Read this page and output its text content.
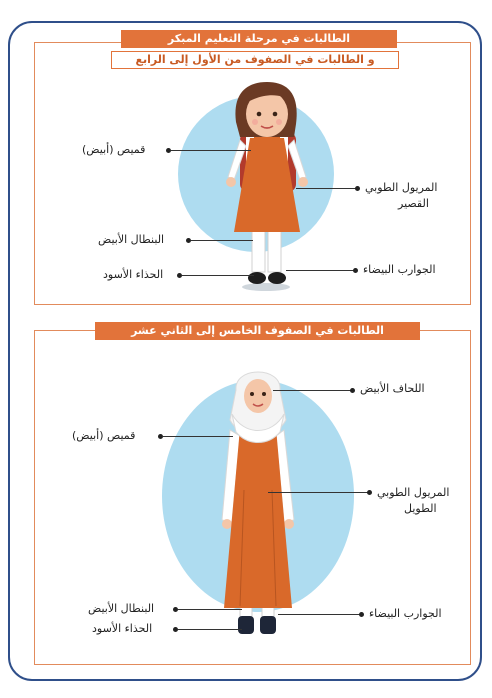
الطالبات في مرحلة التعليم المبكر
و الطالبات في الصفوف من الأول إلى الرابع
قميص (أبيض)
المريول الطوبي
القصير
البنطال الأبيض
الجوارب البيضاء
الحذاء الأسود
الطالبات في الصفوف الخامس إلى الثاني عشر
اللحاف الأبيض
قميص (أبيض)
المريول الطوبي
الطويل
البنطال الأبيض	الجوارب البيضاء
الحذاء الأسود
